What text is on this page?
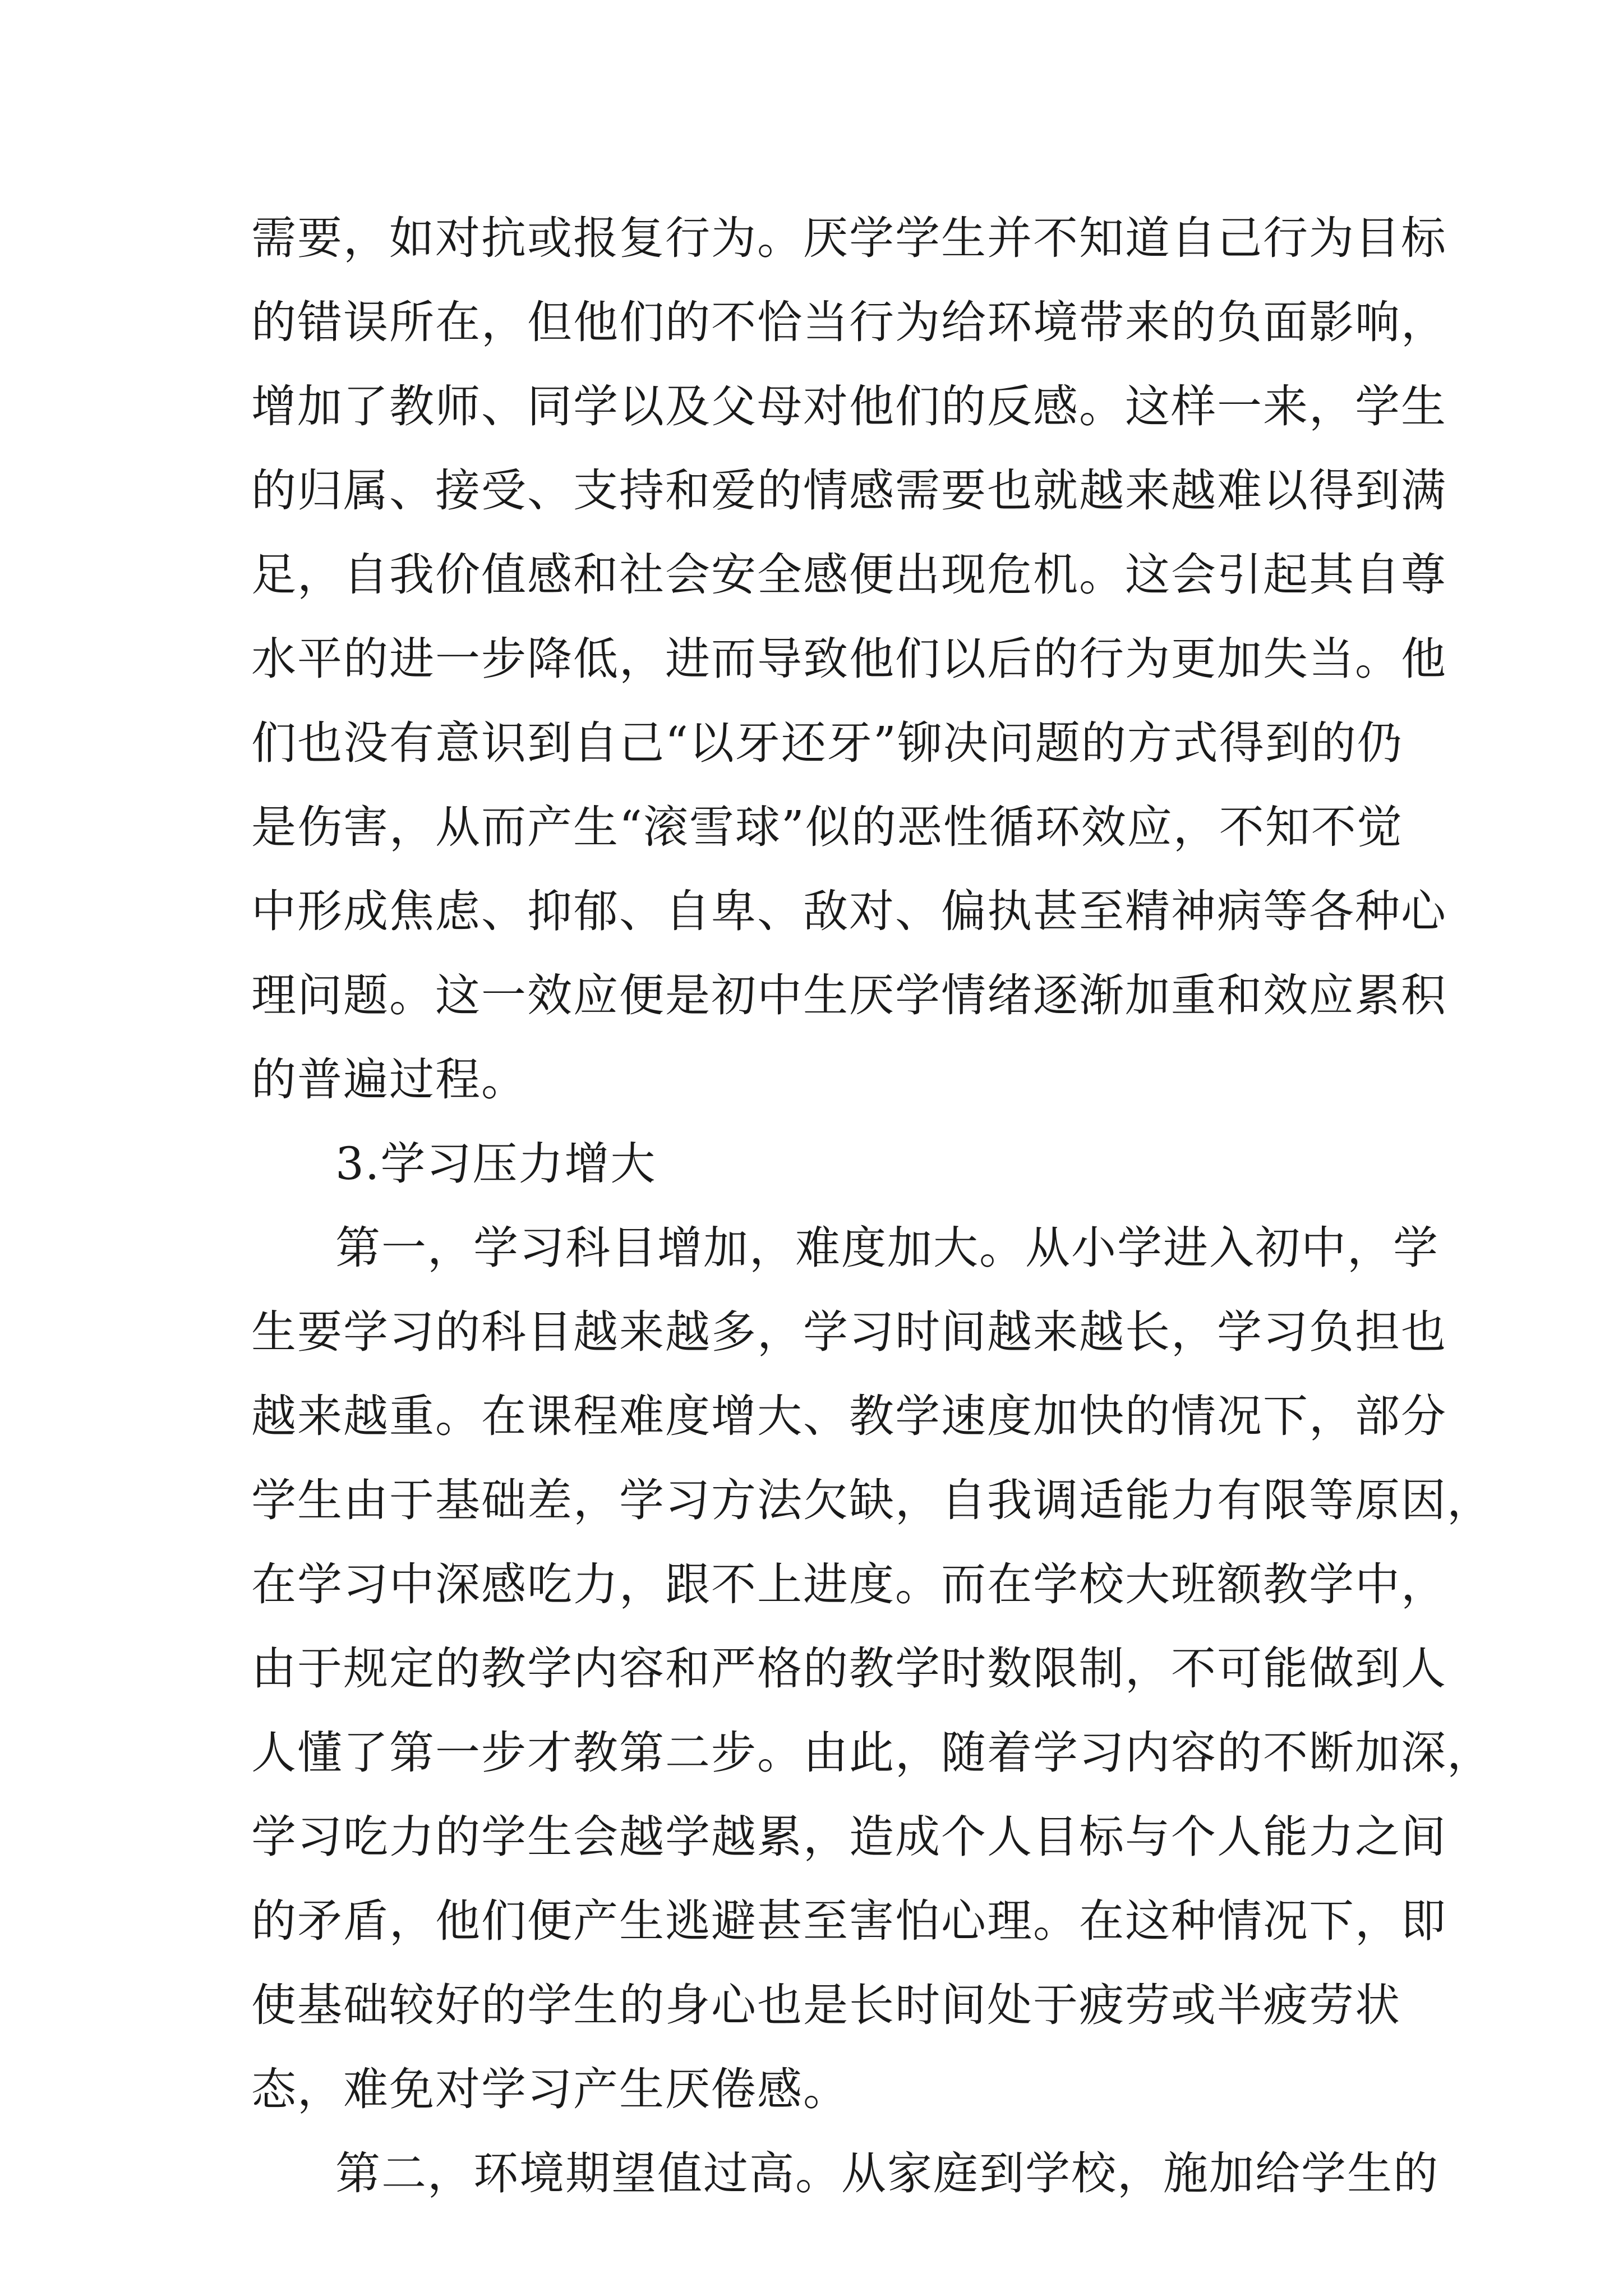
需要，如对抗或报复行为。厌学学生并不知道自己行为目标
的错误所在，但他们的不恰当行为给环境带来的负面影响，
增加了教师、同学以及父母对他们的反感。这样一来，学生
的归属、接受、支持和爱的情感需要也就越来越难以得到满
足，自我价值感和社会安全感便出现危机。这会引起其自尊
水平的进一步降低，进而导致他们以后的行为更加失当。他
们也没有意识到自己“以牙还牙”铆决问题的方式得到的仍
是伤害，从而产生“滚雪球”似的恶性循环效应，不知不觉
中形成焦虑、抑郁、自卑、敌对、偏执甚至精神病等各种心
理问题。这一效应便是初中生厌学情绪逐渐加重和效应累积
的普遍过程。
3.学习压力增大
第一，学习科目增加，难度加大。从小学进入初中，学
生要学习的科目越来越多，学习时间越来越长，学习负担也
越来越重。在课程难度增大、教学速度加快的情况下，部分
学生由于基础差，学习方法欠缺，自我调适能力有限等原因，
在学习中深感吃力，跟不上进度。而在学校大班额教学中，
由于规定的教学内容和严格的教学时数限制，不可能做到人
人懂了第一步才教第二步。由此，随着学习内容的不断加深，
学习吃力的学生会越学越累，造成个人目标与个人能力之间
的矛盾，他们便产生逃避甚至害怕心理。在这种情况下，即
使基础较好的学生的身心也是长时间处于疲劳或半疲劳状
态，难免对学习产生厌倦感。
第二，环境期望值过高。从家庭到学校，施加给学生的
